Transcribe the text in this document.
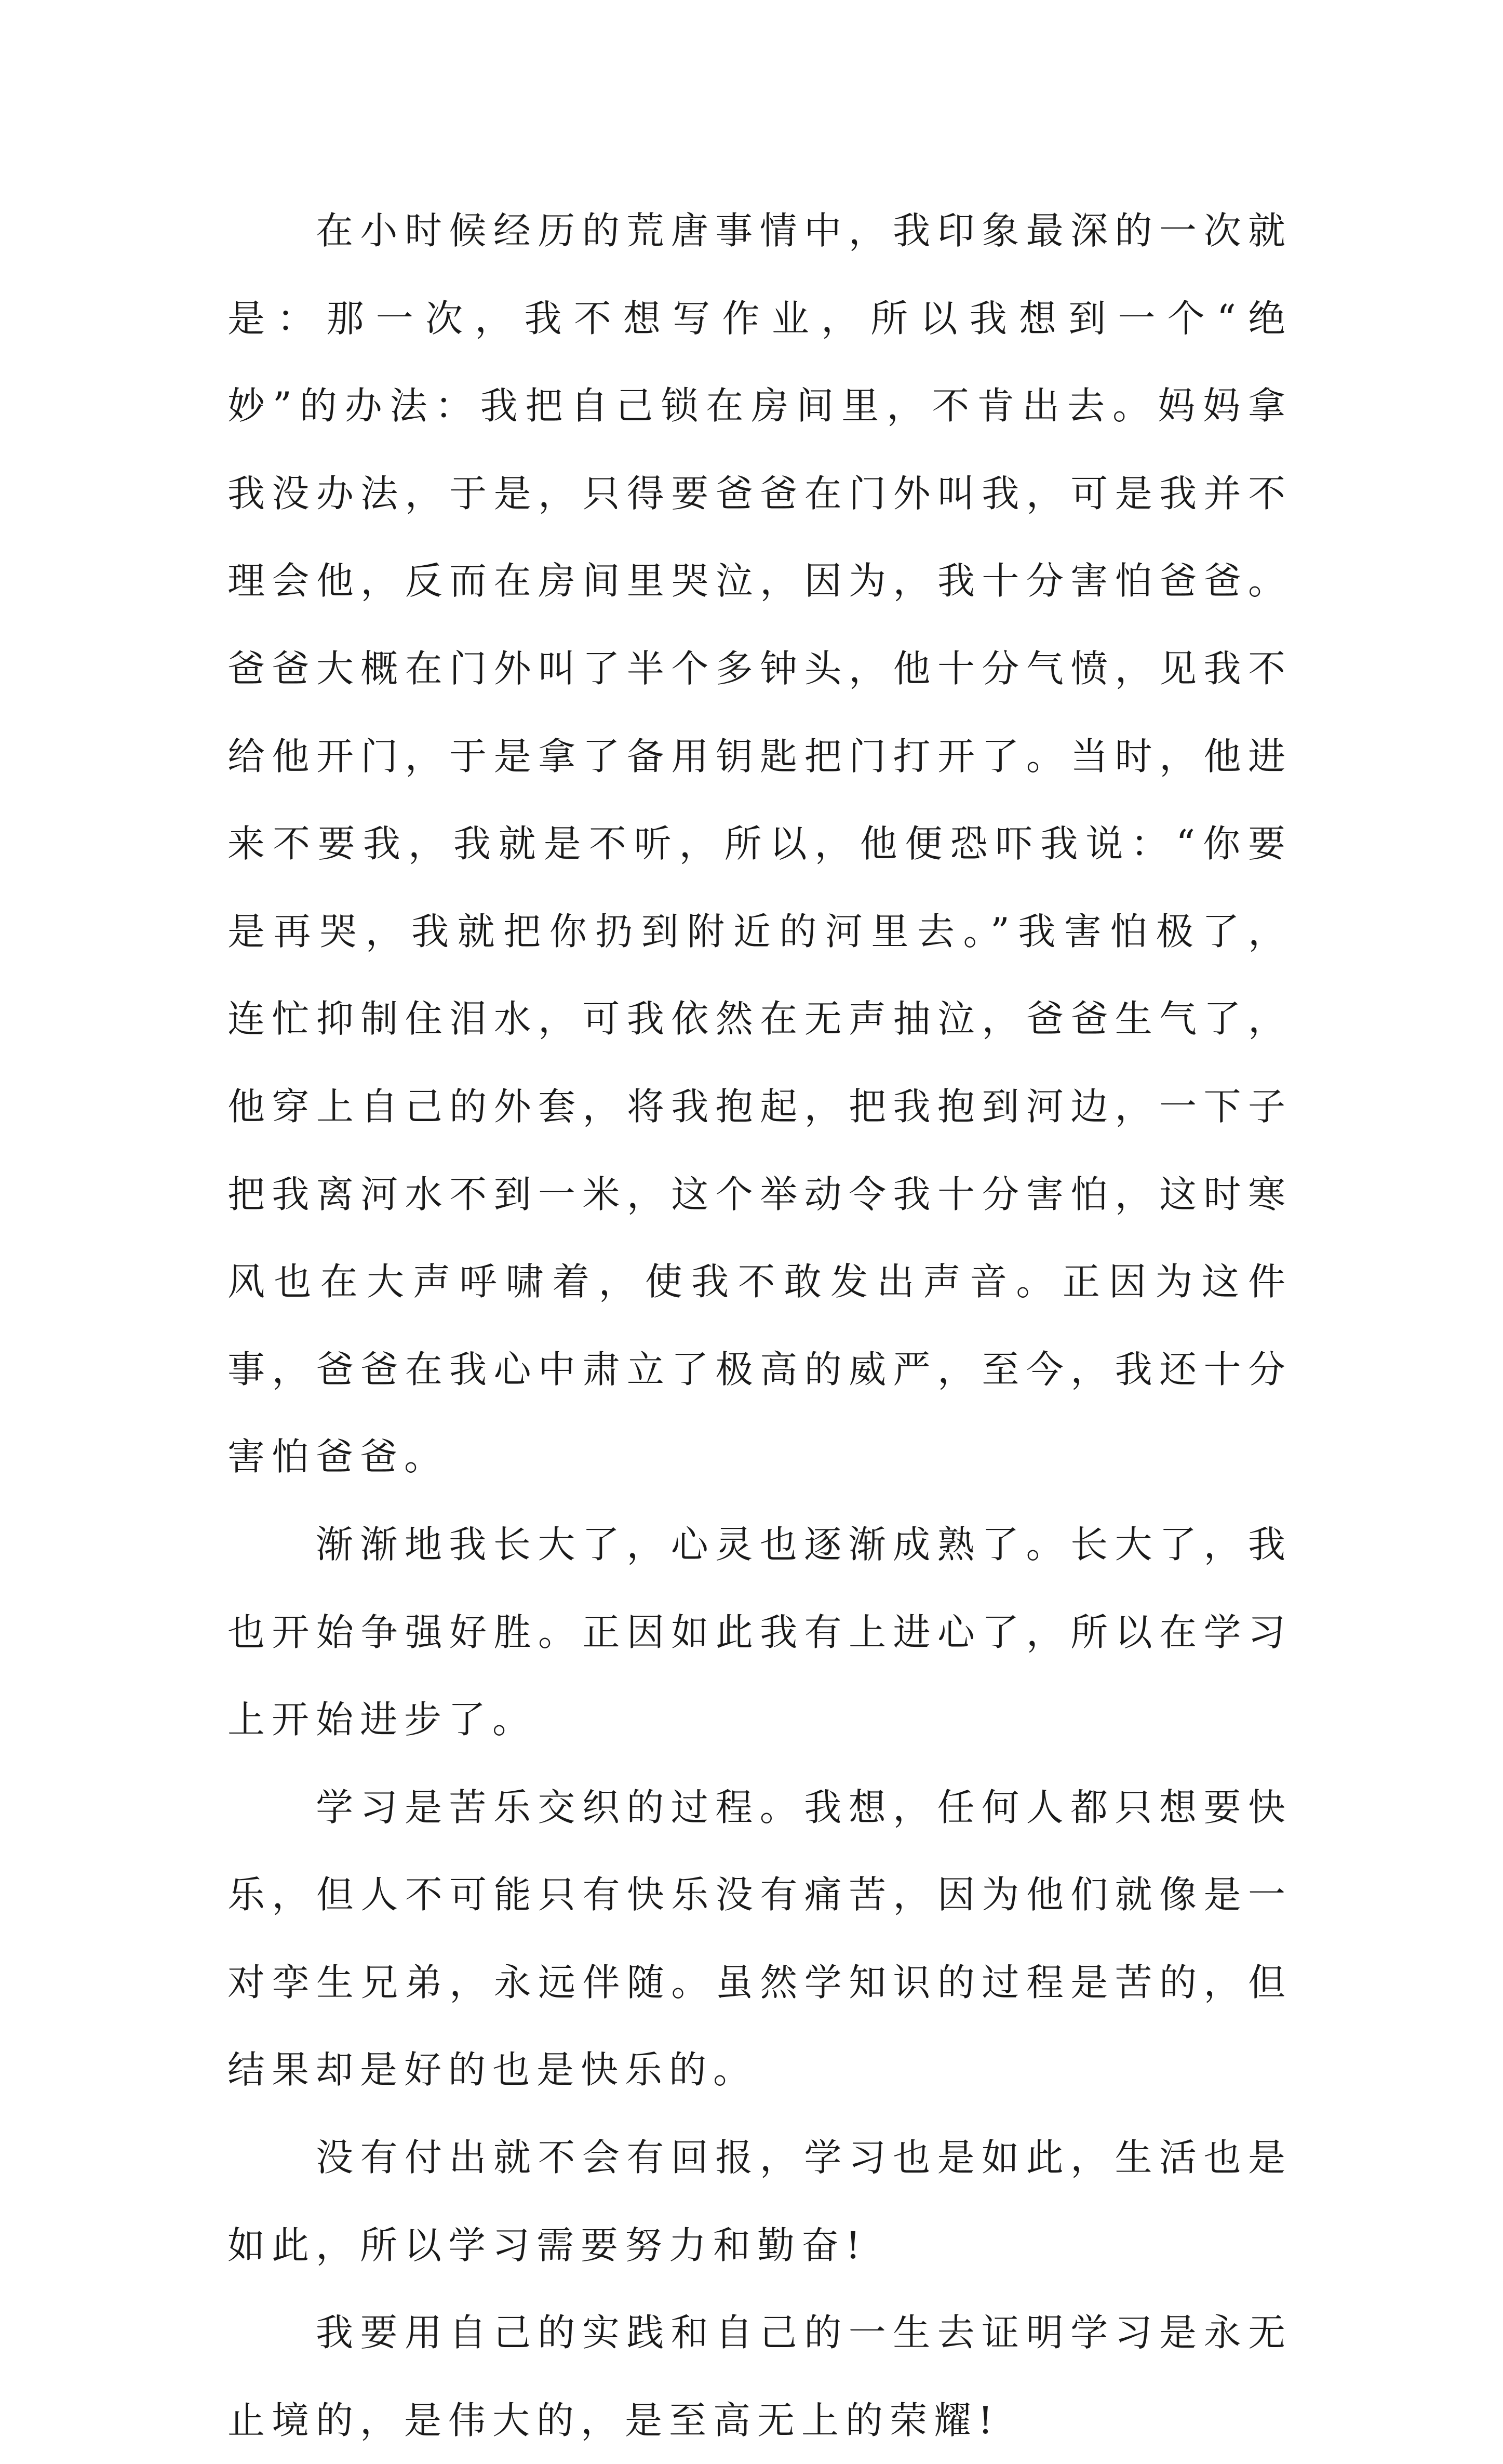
在小时候经历的荒唐事情中，我印象最深的一次就是：那一次，我不想写作业，所以我想到一个“绝妙”的办法：我把自己锁在房间里，不肯出去。妈妈拿我没办法，于是，只得要爸爸在门外叫我，可是我并不理会他，反而在房间里哭泣，因为，我十分害怕爸爸。爸爸大概在门外叫了半个多钟头，他十分气愤，见我不给他开门，于是拿了备用钥匙把门打开了。当时，他进来不要我，我就是不听，所以，他便恐吓我说：“你要是再哭，我就把你扔到附近的河里去。”我害怕极了，连忙抑制住泪水，可我依然在无声抽泣，爸爸生气了，他穿上自己的外套，将我抱起，把我抱到河边，一下子把我离河水不到一米，这个举动令我十分害怕，这时寒风也在大声呼啸着，使我不敢发出声音。正因为这件事，爸爸在我心中肃立了极高的威严，至今，我还十分害怕爸爸。

渐渐地我长大了，心灵也逐渐成熟了。长大了，我也开始争强好胜。正因如此我有上进心了，所以在学习上开始进步了。

学习是苦乐交织的过程。我想，任何人都只想要快乐，但人不可能只有快乐没有痛苦，因为他们就像是一对孪生兄弟，永远伴随。虽然学知识的过程是苦的，但结果却是好的也是快乐的。

没有付出就不会有回报，学习也是如此，生活也是如此，所以学习需要努力和勤奋!

我要用自己的实践和自己的一生去证明学习是永无止境的，是伟大的，是至高无上的荣耀!
